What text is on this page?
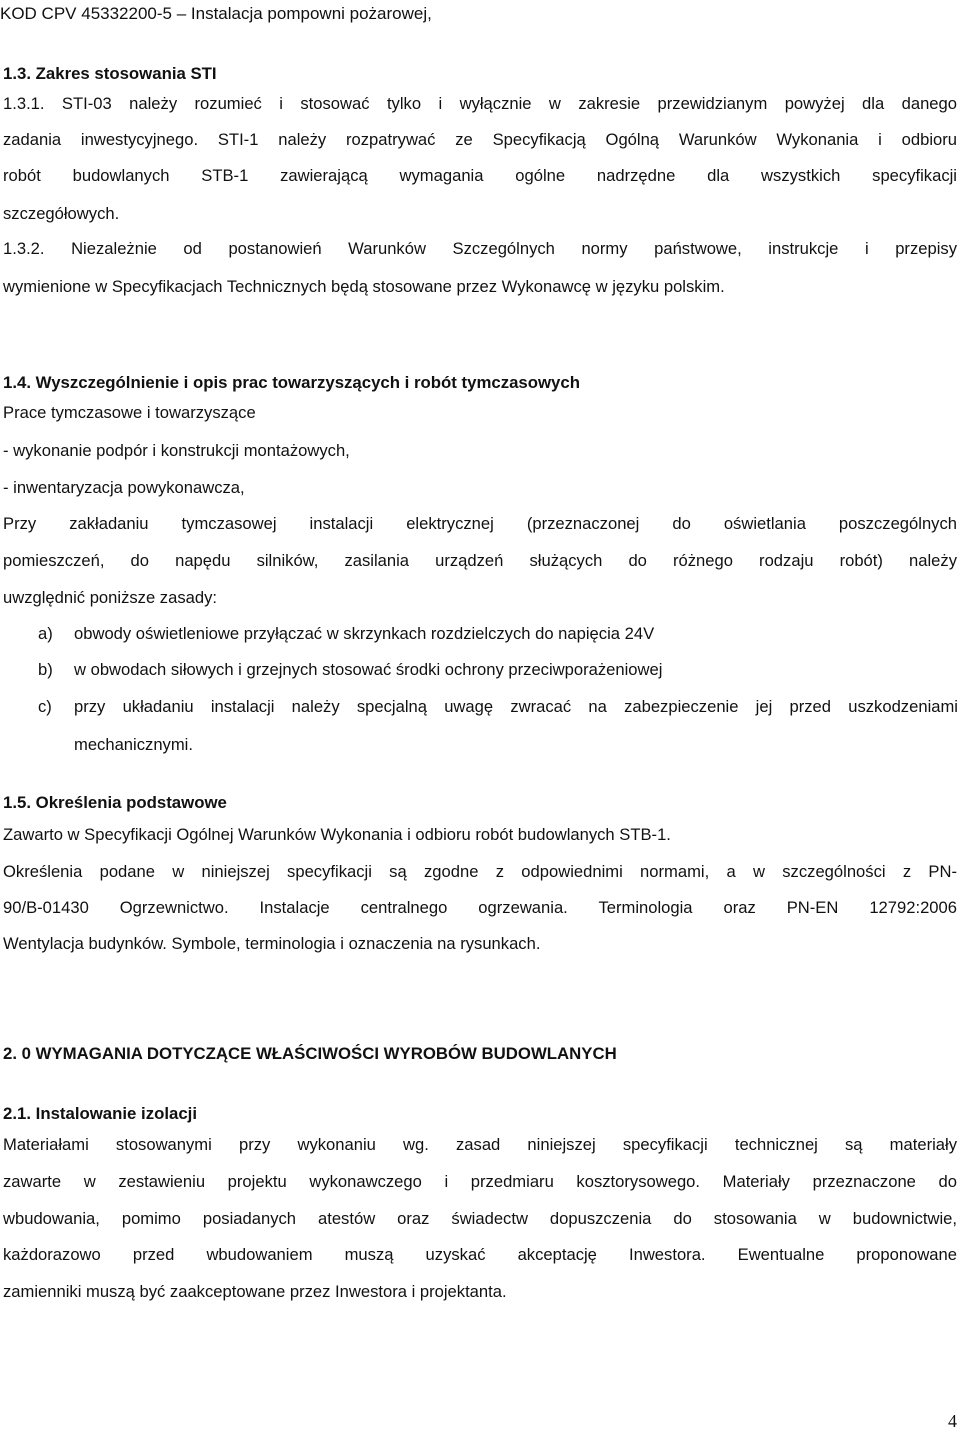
KOD CPV 45332200-5 – Instalacja pompowni pożarowej,
1.3. Zakres stosowania STI
1.3.1. STI-03 należy rozumieć i stosować tylko i wyłącznie w zakresie przewidzianym powyżej dla danego
zadania inwestycyjnego. STI-1 należy rozpatrywać ze Specyfikacją Ogólną Warunków Wykonania i odbioru
robót budowlanych STB-1 zawierającą wymagania ogólne nadrzędne dla wszystkich specyfikacji
szczegółowych.
1.3.2. Niezależnie od postanowień Warunków Szczególnych normy państwowe, instrukcje i przepisy
wymienione w Specyfikacjach Technicznych będą stosowane przez Wykonawcę w języku polskim.
1.4. Wyszczególnienie i opis prac towarzyszących i robót tymczasowych
Prace tymczasowe i towarzyszące
- wykonanie podpór i konstrukcji montażowych,
- inwentaryzacja powykonawcza,
Przy zakładaniu tymczasowej instalacji elektrycznej (przeznaczonej do oświetlania poszczególnych
pomieszczeń, do napędu silników, zasilania urządzeń służących do różnego rodzaju robót) należy
uwzględnić poniższe zasady:
a) obwody oświetleniowe przyłączać w skrzynkach rozdzielczych do napięcia 24V
b) w obwodach siłowych i grzejnych stosować środki ochrony przeciwporażeniowej
c) przy układaniu instalacji należy specjalną uwagę zwracać na zabezpieczenie jej przed uszkodzeniami
mechanicznymi.
1.5. Określenia podstawowe
Zawarto w Specyfikacji Ogólnej Warunków Wykonania i odbioru robót budowlanych STB-1.
Określenia podane w niniejszej specyfikacji są zgodne z odpowiednimi normami, a w szczególności z PN-
90/B-01430 Ogrzewnictwo. Instalacje centralnego ogrzewania. Terminologia oraz PN-EN 12792:2006
Wentylacja budynków. Symbole, terminologia i oznaczenia na rysunkach.
2. 0 WYMAGANIA DOTYCZĄCE WŁAŚCIWOŚCI WYROBÓW BUDOWLANYCH
2.1. Instalowanie izolacji
Materiałami stosowanymi przy wykonaniu wg. zasad niniejszej specyfikacji technicznej są materiały
zawarte w zestawieniu projektu wykonawczego i przedmiaru kosztorysowego. Materiały przeznaczone do
wbudowania, pomimo posiadanych atestów oraz świadectw dopuszczenia do stosowania w budownictwie,
każdorazowo przed wbudowaniem muszą uzyskać akceptację Inwestora. Ewentualne proponowane
zamienniki muszą być zaakceptowane przez Inwestora i projektanta.
4
